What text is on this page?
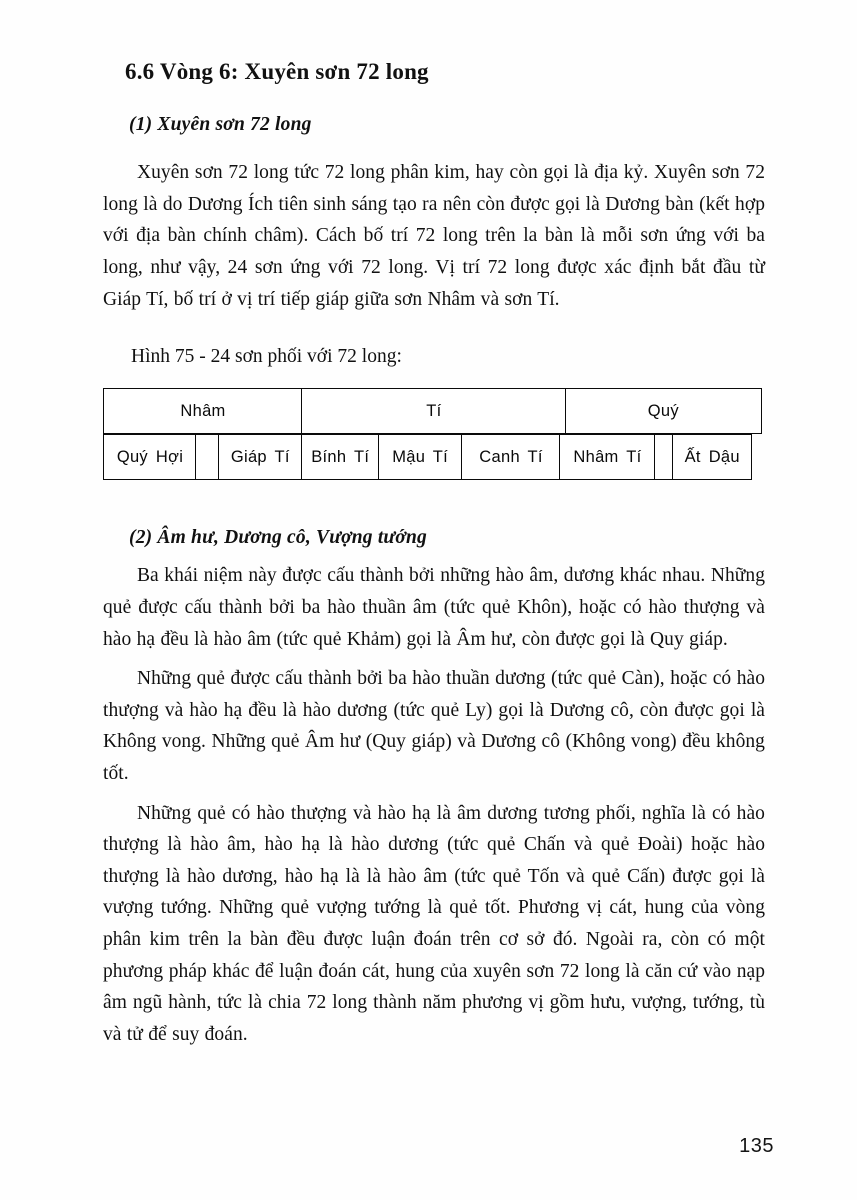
6.6 Vòng 6: Xuyên sơn 72 long
(1) Xuyên sơn 72 long

Xuyên sơn 72 long tức 72 long phân kim, hay còn gọi là địa kỷ. Xuyên sơn 72 long là do Dương Ích tiên sinh sáng tạo ra nên còn được gọi là Dương bàn (kết hợp với địa bàn chính châm). Cách bố trí 72 long trên la bàn là mỗi sơn ứng với ba long, như vậy, 24 sơn ứng với 72 long. Vị trí 72 long được xác định bắt đầu từ Giáp Tí, bố trí ở vị trí tiếp giáp giữa sơn Nhâm và sơn Tí.

Hình 75 - 24 sơn phối với 72 long:
Nhâm	Tí	Quý
Quý Hợi	Giáp Tí	Bính Tí	Mậu Tí	Canh Tí	Nhâm Tí	Ất Dậu
(2) Âm hư, Dương cô, Vượng tướng

Ba khái niệm này được cấu thành bởi những hào âm, dương khác nhau. Những quẻ được cấu thành bởi ba hào thuần âm (tức quẻ Khôn), hoặc có hào thượng và hào hạ đều là hào âm (tức quẻ Khảm) gọi là Âm hư, còn được gọi là Quy giáp.

Những quẻ được cấu thành bởi ba hào thuần dương (tức quẻ Càn), hoặc có hào thượng và hào hạ đều là hào dương (tức quẻ Ly) gọi là Dương cô, còn được gọi là Không vong. Những quẻ Âm hư (Quy giáp) và Dương cô (Không vong) đều không tốt.

Những quẻ có hào thượng và hào hạ là âm dương tương phối, nghĩa là có hào thượng là hào âm, hào hạ là hào dương (tức quẻ Chấn và quẻ Đoài) hoặc hào thượng là hào dương, hào hạ là là hào âm (tức quẻ Tốn và quẻ Cấn) được gọi là vượng tướng. Những quẻ vượng tướng là quẻ tốt. Phương vị cát, hung của vòng phân kim trên la bàn đều được luận đoán trên cơ sở đó. Ngoài ra, còn có một phương pháp khác để luận đoán cát, hung của xuyên sơn 72 long là căn cứ vào nạp âm ngũ hành, tức là chia 72 long thành năm phương vị gồm hưu, vượng, tướng, tù và tử để suy đoán.

135
